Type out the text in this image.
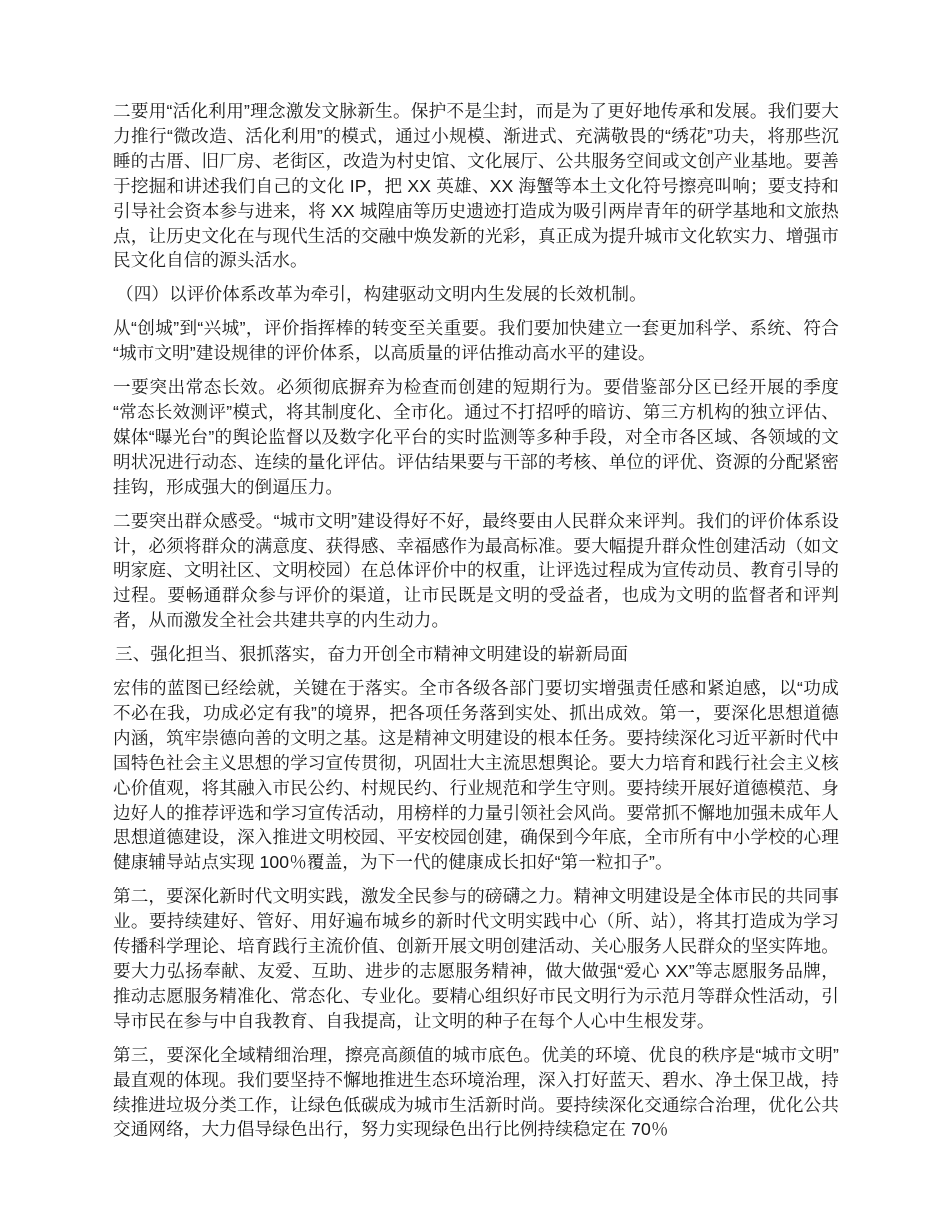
二要用“活化利用”理念激发文脉新生。保护不是尘封，而是为了更好地传承和发展。我们要大力推行“微改造、活化利用”的模式，通过小规模、渐进式、充满敬畏的“绣花”功夫，将那些沉睡的古厝、旧厂房、老街区，改造为村史馆、文化展厅、公共服务空间或文创产业基地。要善于挖掘和讲述我们自己的文化 IP，把 XX 英雄、XX 海蟹等本土文化符号擦亮叫响；要支持和引导社会资本参与进来，将 XX 城隍庙等历史遗迹打造成为吸引两岸青年的研学基地和文旅热点，让历史文化在与现代生活的交融中焕发新的光彩，真正成为提升城市文化软实力、增强市民文化自信的源头活水。

（四）以评价体系改革为牵引，构建驱动文明内生发展的长效机制。

从“创城”到“兴城”，评价指挥棒的转变至关重要。我们要加快建立一套更加科学、系统、符合“城市文明”建设规律的评价体系，以高质量的评估推动高水平的建设。

一要突出常态长效。必须彻底摒弃为检查而创建的短期行为。要借鉴部分区已经开展的季度“常态长效测评”模式，将其制度化、全市化。通过不打招呼的暗访、第三方机构的独立评估、媒体“曝光台”的舆论监督以及数字化平台的实时监测等多种手段，对全市各区域、各领域的文明状况进行动态、连续的量化评估。评估结果要与干部的考核、单位的评优、资源的分配紧密挂钩，形成强大的倒逼压力。

二要突出群众感受。“城市文明”建设得好不好，最终要由人民群众来评判。我们的评价体系设计，必须将群众的满意度、获得感、幸福感作为最高标准。要大幅提升群众性创建活动（如文明家庭、文明社区、文明校园）在总体评价中的权重，让评选过程成为宣传动员、教育引导的过程。要畅通群众参与评价的渠道，让市民既是文明的受益者，也成为文明的监督者和评判者，从而激发全社会共建共享的内生动力。

三、强化担当、狠抓落实，奋力开创全市精神文明建设的崭新局面

宏伟的蓝图已经绘就，关键在于落实。全市各级各部门要切实增强责任感和紧迫感，以“功成不必在我，功成必定有我”的境界，把各项任务落到实处、抓出成效。第一，要深化思想道德内涵，筑牢崇德向善的文明之基。这是精神文明建设的根本任务。要持续深化习近平新时代中国特色社会主义思想的学习宣传贯彻，巩固壮大主流思想舆论。要大力培育和践行社会主义核心价值观，将其融入市民公约、村规民约、行业规范和学生守则。要持续开展好道德模范、身边好人的推荐评选和学习宣传活动，用榜样的力量引领社会风尚。要常抓不懈地加强未成年人思想道德建设，深入推进文明校园、平安校园创建，确保到今年底，全市所有中小学校的心理健康辅导站点实现 100％覆盖，为下一代的健康成长扣好“第一粒扣子”。

第二，要深化新时代文明实践，激发全民参与的磅礴之力。精神文明建设是全体市民的共同事业。要持续建好、管好、用好遍布城乡的新时代文明实践中心（所、站），将其打造成为学习传播科学理论、培育践行主流价值、创新开展文明创建活动、关心服务人民群众的坚实阵地。要大力弘扬奉献、友爱、互助、进步的志愿服务精神，做大做强“爱心 XX”等志愿服务品牌，推动志愿服务精准化、常态化、专业化。要精心组织好市民文明行为示范月等群众性活动，引导市民在参与中自我教育、自我提高，让文明的种子在每个人心中生根发芽。

第三，要深化全域精细治理，擦亮高颜值的城市底色。优美的环境、优良的秩序是“城市文明”最直观的体现。我们要坚持不懈地推进生态环境治理，深入打好蓝天、碧水、净土保卫战，持续推进垃圾分类工作，让绿色低碳成为城市生活新时尚。要持续深化交通综合治理，优化公共交通网络，大力倡导绿色出行，努力实现绿色出行比例持续稳定在 70％
